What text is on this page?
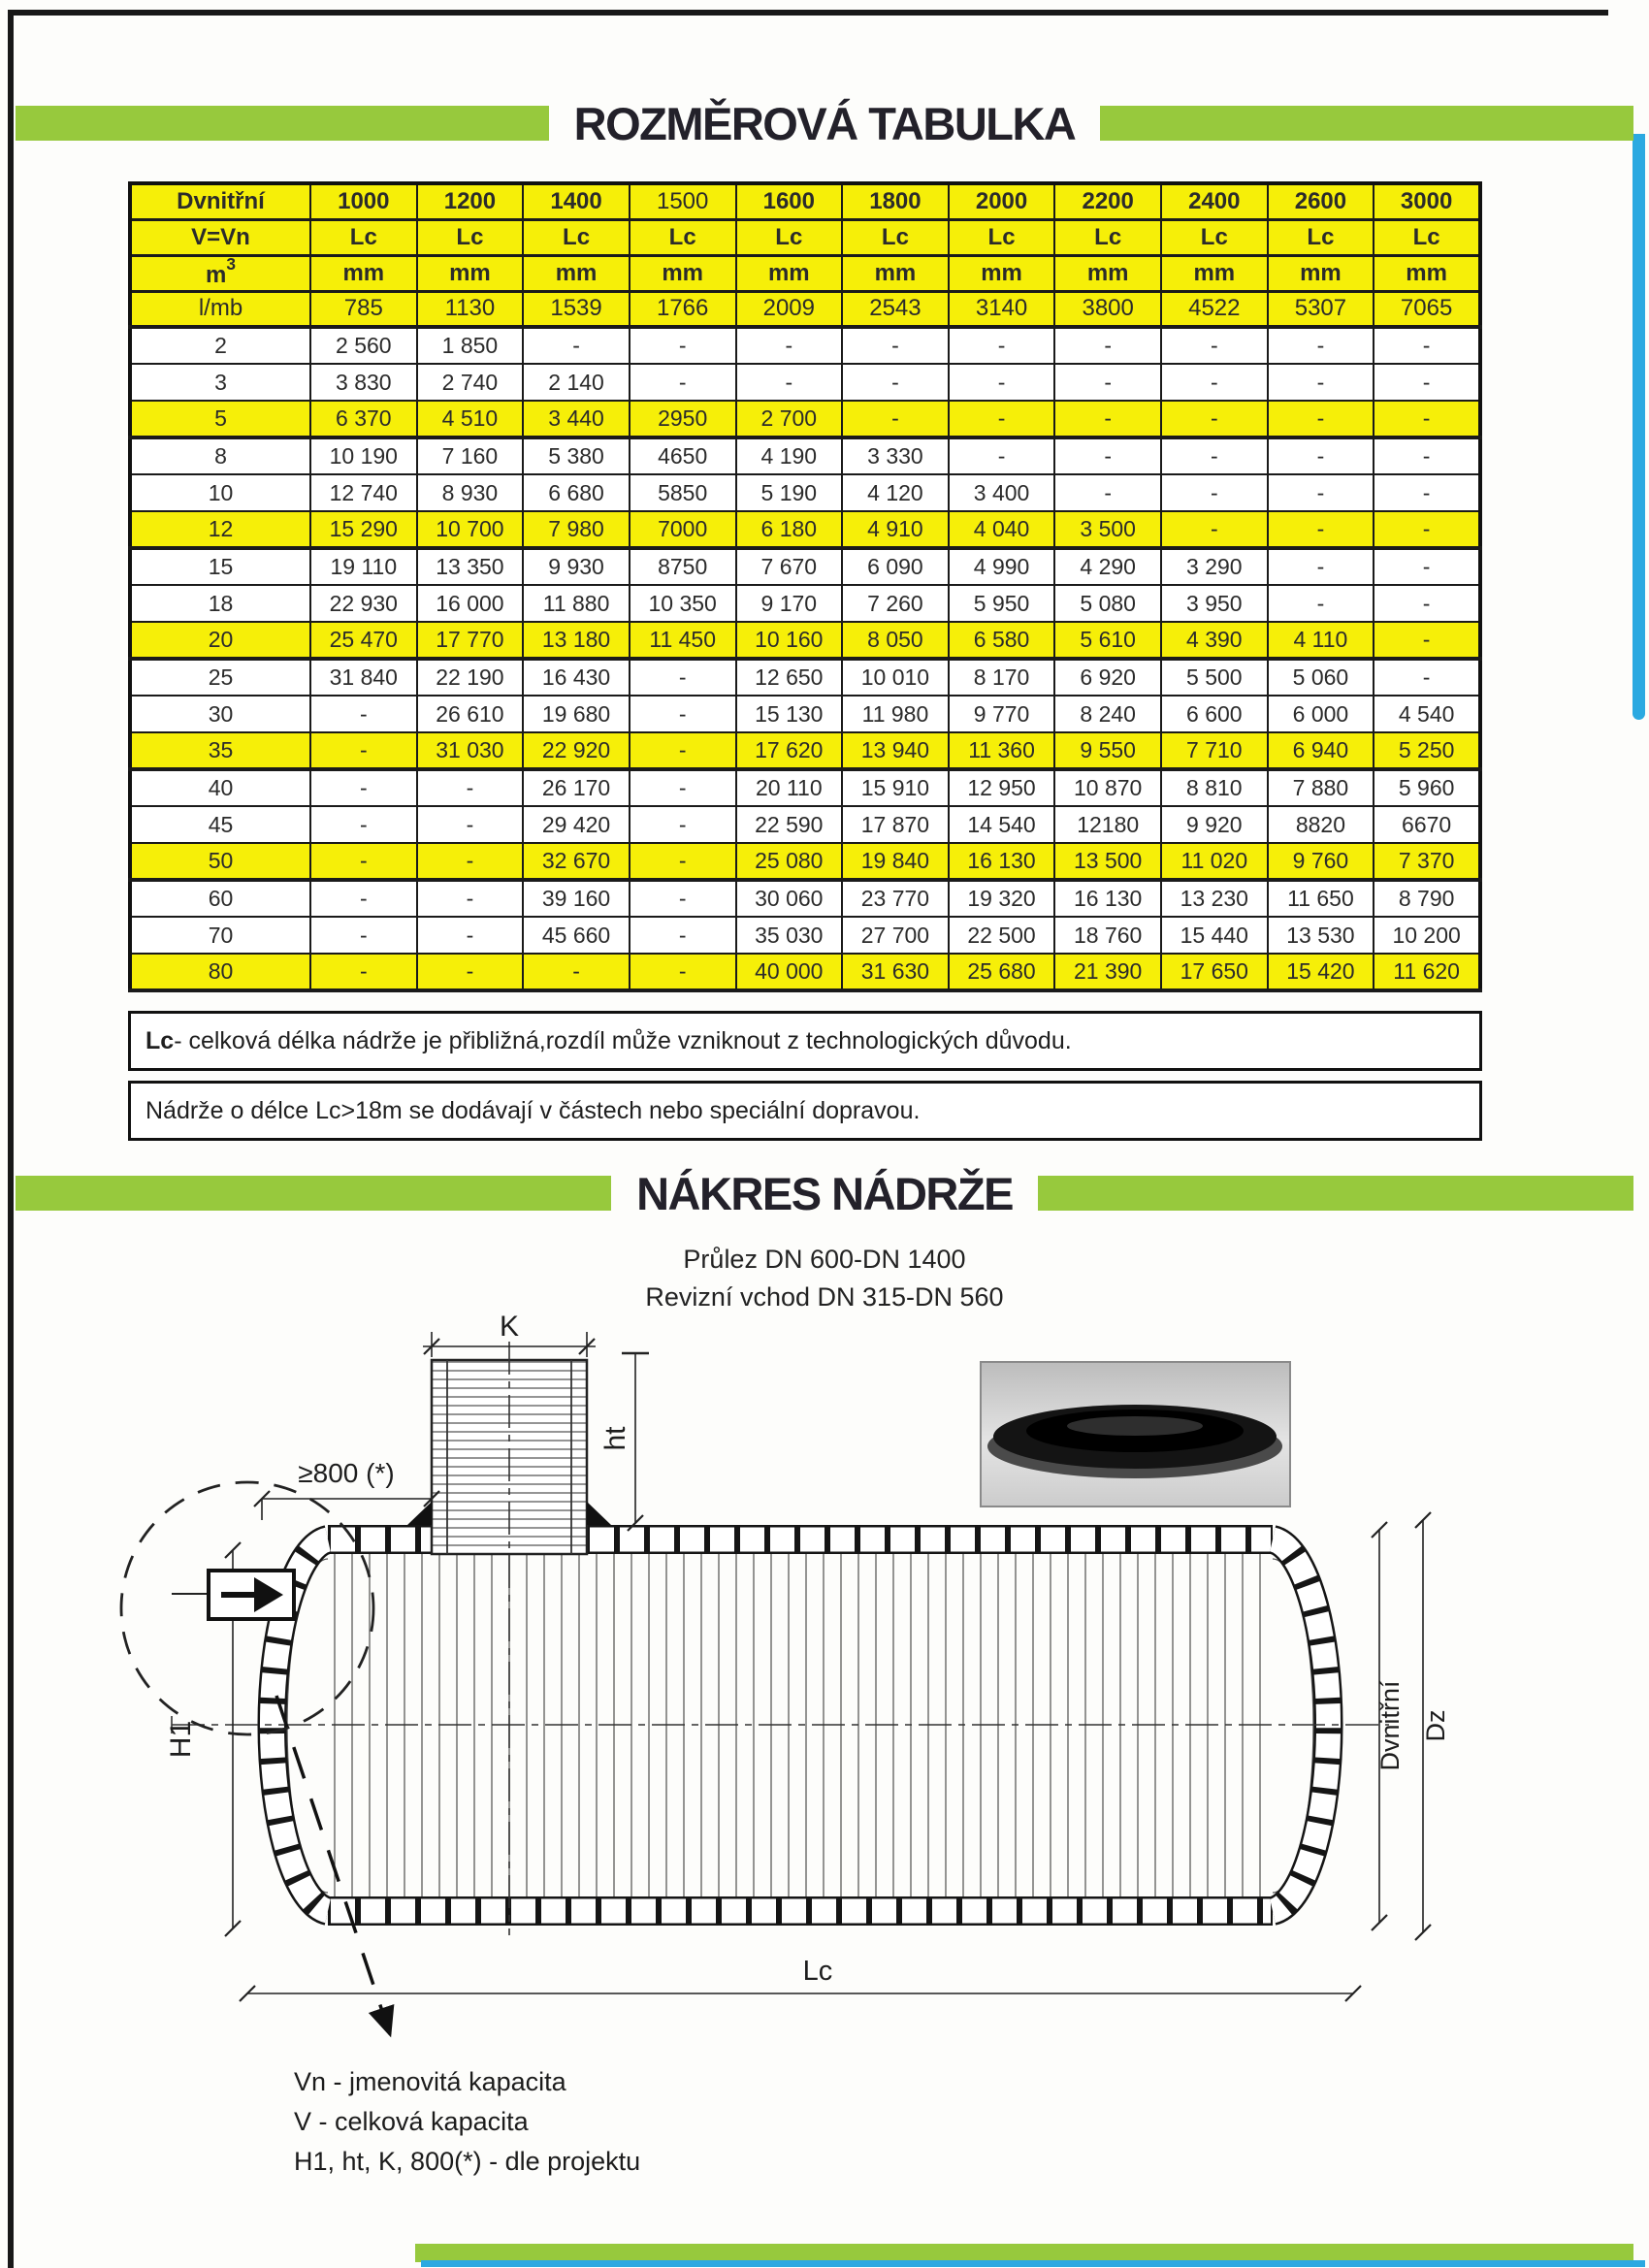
ROZMĚROVÁ TABULKA
Dvnitřní	1000	1200	1400	1500	1600	1800	2000	2200	2400	2600	3000
V=Vn	Lc	Lc	Lc	Lc	Lc	Lc	Lc	Lc	Lc	Lc	Lc
$m^3$	mm	mm	mm	mm	mm	mm	mm	mm	mm	mm	mm
l/mb	785	1130	1539	1766	2009	2543	3140	3800	4522	5307	7065
2	2 560	1 850	-	-	-	-	-	-	-	-	-
3	3 830	2 740	2 140	-	-	-	-	-	-	-	-
5	6 370	4 510	3 440	2950	2 700	-	-	-	-	-	-
8	10 190	7 160	5 380	4650	4 190	3 330	-	-	-	-	-
10	12 740	8 930	6 680	5850	5 190	4 120	3 400	-	-	-	-
12	15 290	10 700	7 980	7000	6 180	4 910	4 040	3 500	-	-	-
15	19 110	13 350	9 930	8750	7 670	6 090	4 990	4 290	3 290	-	-
18	22 930	16 000	11 880	10 350	9 170	7 260	5 950	5 080	3 950	-	-
20	25 470	17 770	13 180	11 450	10 160	8 050	6 580	5 610	4 390	4 110	-
25	31 840	22 190	16 430	-	12 650	10 010	8 170	6 920	5 500	5 060	-
30	-	26 610	19 680	-	15 130	11 980	9 770	8 240	6 600	6 000	4 540
35	-	31 030	22 920	-	17 620	13 940	11 360	9 550	7 710	6 940	5 250
40	-	-	26 170	-	20 110	15 910	12 950	10 870	8 810	7 880	5 960
45	-	-	29 420	-	22 590	17 870	14 540	12180	9 920	8820	6670
50	-	-	32 670	-	25 080	19 840	16 130	13 500	11 020	9 760	7 370
60	-	-	39 160	-	30 060	23 770	19 320	16 130	13 230	11 650	8 790
70	-	-	45 660	-	35 030	27 700	22 500	18 760	15 440	13 530	10 200
80	-	-	-	-	40 000	31 630	25 680	21 390	17 650	15 420	11 620
Lc - celková délka nádrže je přibližná,rozdíl může vzniknout z technologických důvodu.
Nádrže o délce Lc>18m se dodávají v částech nebo speciální dopravou.
NÁKRES NÁDRŽE
Průlez DN 600-DN 1400
Revizní vchod DN 315-DN 560
K
ht
≥800 (*)
H1	Dvnitřní Dz
Lc
Vn - jmenovitá kapacita
V - celková kapacita
H1, ht, K, 800(*) - dle projektu
